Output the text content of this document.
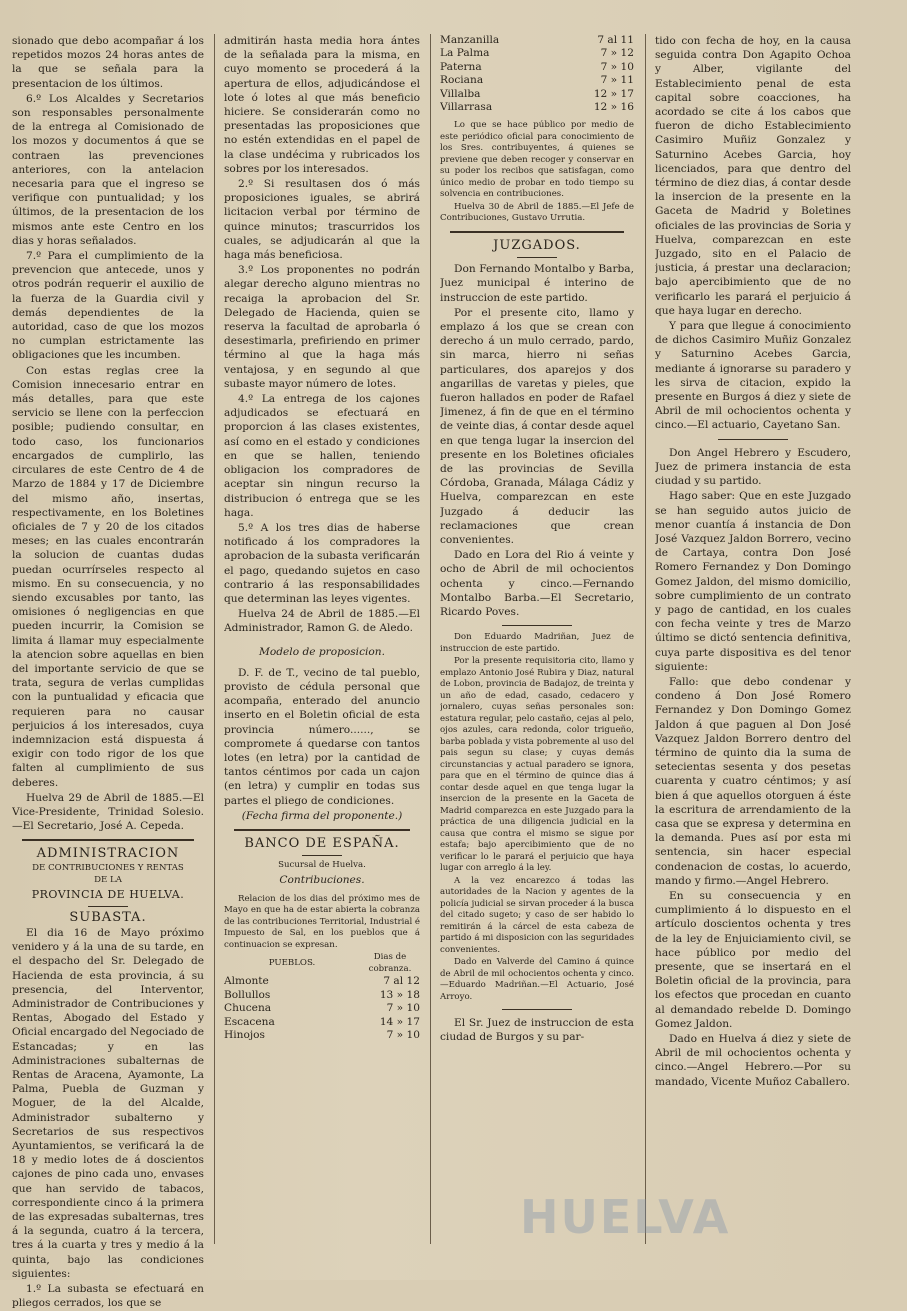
sionado que debo acompañar á los repetidos mozos 24 horas antes de la que se señala para la presentacion de los últimos.

6.º Los Alcaldes y Secretarios son responsables personalmente de la entrega al Comisionado de los mozos y documentos á que se contraen las prevenciones anteriores, con la antelacion necesaria para que el ingreso se verifique con puntualidad; y los últimos, de la presentacion de los mismos ante este Centro en los dias y horas señalados.

7.º Para el cumplimiento de la prevencion que antecede, unos y otros podrán requerir el auxilio de la fuerza de la Guardia civil y demás dependientes de la autoridad, caso de que los mozos no cumplan estrictamente las obligaciones que les incumben.

Con estas reglas cree la Comision innecesario entrar en más detalles, para que este servicio se llene con la perfeccion posible; pudiendo consultar, en todo caso, los funcionarios encargados de cumplirlo, las circulares de este Centro de 4 de Marzo de 1884 y 17 de Diciembre del mismo año, insertas, respectivamente, en los Boletines oficiales de 7 y 20 de los citados meses; en las cuales encontrarán la solucion de cuantas dudas puedan ocurrírseles respecto al mismo. En su consecuencia, y no siendo excusables por tanto, las omisiones ó negligencias en que pueden incurrir, la Comision se limita á llamar muy especialmente la atencion sobre aquellas en bien del importante servicio de que se trata, segura de verlas cumplidas con la puntualidad y eficacia que requieren para no causar perjuicios á los interesados, cuya indemnizacion está dispuesta á exigir con todo rigor de los que falten al cumplimiento de sus deberes.

Huelva 29 de Abril de 1885.—El Vice-Presidente, Trinidad Solesio.—El Secretario, José A. Cepeda.

ADMINISTRACION

DE CONTRIBUCIONES Y RENTAS

DE LA

PROVINCIA DE HUELVA.

SUBASTA.

El dia 16 de Mayo próximo venidero y á la una de su tarde, en el despacho del Sr. Delegado de Hacienda de esta provincia, á su presencia, del Interventor, Administrador de Contribuciones y Rentas, Abogado del Estado y Oficial encargado del Negociado de Estancadas; y en las Administraciones subalternas de Rentas de Aracena, Ayamonte, La Palma, Puebla de Guzman y Moguer, de la del Alcalde, Administrador subalterno y Secretarios de sus respectivos Ayuntamientos, se verificará la de 18 y medio lotes de á doscientos cajones de pino cada uno, envases que han servido de tabacos, correspondiente cinco á la primera de las expresadas subalternas, tres á la segunda, cuatro á la tercera, tres á la cuarta y tres y medio á la quinta, bajo las condiciones siguientes:

1.º La subasta se efectuará en pliegos cerrados, los que se

admitirán hasta media hora ántes de la señalada para la misma, en cuyo momento se procederá á la apertura de ellos, adjudicándose el lote ó lotes al que más beneficio hiciere. Se considerarán como no presentadas las proposiciones que no estén extendidas en el papel de la clase undécima y rubricados los sobres por los interesados.

2.º Si resultasen dos ó más proposiciones iguales, se abrirá licitacion verbal por término de quince minutos; trascurridos los cuales, se adjudicarán al que la haga más beneficiosa.

3.º Los proponentes no podrán alegar derecho alguno mientras no recaiga la aprobacion del Sr. Delegado de Hacienda, quien se reserva la facultad de aprobarla ó desestimarla, prefiriendo en primer término al que la haga más ventajosa, y en segundo al que subaste mayor número de lotes.

4.º La entrega de los cajones adjudicados se efectuará en proporcion á las clases existentes, así como en el estado y condiciones en que se hallen, teniendo obligacion los compradores de aceptar sin ningun recurso la distribucion ó entrega que se les haga.

5.º A los tres dias de haberse notificado á los compradores la aprobacion de la subasta verificarán el pago, quedando sujetos en caso contrario á las responsabilidades que determinan las leyes vigentes.

Huelva 24 de Abril de 1885.—El Administrador, Ramon G. de Aledo.

Modelo de proposicion.

D. F. de T., vecino de tal pueblo, provisto de cédula personal que acompaña, enterado del anuncio inserto en el Boletin oficial de esta provincia número......, se compromete á quedarse con tantos lotes (en letra) por la cantidad de tantos céntimos por cada un cajon (en letra) y cumplir en todas sus partes el pliego de condiciones.

(Fecha firma del proponente.)

BANCO DE ESPAÑA.

Sucursal de Huelva.

Contribuciones.

Relacion de los dias del próximo mes de Mayo en que ha de estar abierta la cobranza de las contribuciones Territorial, Industrial é Impuesto de Sal, en los pueblos que á continuacion se expresan.

PUEBLOS.	Dias de cobranza.
Almonte	7 al 12
Bollullos	13 » 18
Chucena	7 » 10
Escacena	14 » 17
Hinojos	7 » 10
Manzanilla	7 al 11
La Palma	7 » 12
Paterna	7 » 10
Rociana	7 » 11
Villalba	12 » 17
Villarrasa	12 » 16

Lo que se hace público por medio de este periódico oficial para conocimiento de los Sres. contribuyentes, á quienes se previene que deben recoger y conservar en su poder los recibos que satisfagan, como único medio de probar en todo tiempo su solvencia en contribuciones.

Huelva 30 de Abril de 1885.—El Jefe de Contribuciones, Gustavo Urrutia.

JUZGADOS.

Don Fernando Montalbo y Barba, Juez municipal é interino de instruccion de este partido.

Por el presente cito, llamo y emplazo á los que se crean con derecho á un mulo cerrado, pardo, sin marca, hierro ni señas particulares, dos aparejos y dos angarillas de varetas y pieles, que fueron hallados en poder de Rafael Jimenez, á fin de que en el término de veinte dias, á contar desde aquel en que tenga lugar la insercion del presente en los Boletines oficiales de las provincias de Sevilla Córdoba, Granada, Málaga Cádiz y Huelva, comparezcan en este Juzgado á deducir las reclamaciones que crean convenientes.

Dado en Lora del Rio á veinte y ocho de Abril de mil ochocientos ochenta y cinco.—Fernando Montalbo Barba.—El Secretario, Ricardo Poves.

Don Eduardo Madriñan, Juez de instruccion de este partido.

Por la presente requisitoria cito, llamo y emplazo Antonio José Rubira y Diaz, natural de Lobon, provincia de Badajoz, de treinta y un año de edad, casado, cedacero y jornalero, cuyas señas personales son: estatura regular, pelo castaño, cejas al pelo, ojos azules, cara redonda, color trigueño, barba poblada y vista pobremente al uso del pais segun su clase; y cuyas demás circunstancias y actual paradero se ignora, para que en el término de quince dias á contar desde aquel en que tenga lugar la insercion de la presente en la Gaceta de Madrid comparezca en este Juzgado para la práctica de una diligencia judicial en la causa que contra el mismo se sigue por estafa; bajo apercibimiento que de no verificar lo le parará el perjuicio que haya lugar con arreglo á la ley.

A la vez encarezco á todas las autoridades de la Nacion y agentes de la policía judicial se sirvan proceder á la busca del citado sugeto; y caso de ser habido lo remitirán á la cárcel de esta cabeza de partido á mi disposicion con las seguridades convenientes.

Dado en Valverde del Camino á quince de Abril de mil ochocientos ochenta y cinco.—Eduardo Madriñan.—El Actuario, José Arroyo.

El Sr. Juez de instruccion de esta ciudad de Burgos y su par-

tido con fecha de hoy, en la causa seguida contra Don Agapito Ochoa y Alber, vigilante del Establecimiento penal de esta capital sobre coacciones, ha acordado se cite á los cabos que fueron de dicho Establecimiento Casimiro Muñiz Gonzalez y Saturnino Acebes Garcia, hoy licenciados, para que dentro del término de diez dias, á contar desde la insercion de la presente en la Gaceta de Madrid y Boletines oficiales de las provincias de Soria y Huelva, comparezcan en este Juzgado, sito en el Palacio de justicia, á prestar una declaracion; bajo apercibimiento que de no verificarlo les parará el perjuicio á que haya lugar en derecho.

Y para que llegue á conocimiento de dichos Casimiro Muñiz Gonzalez y Saturnino Acebes Garcia, mediante á ignorarse su paradero y les sirva de citacion, expido la presente en Burgos á diez y siete de Abril de mil ochocientos ochenta y cinco.—El actuario, Cayetano San.

Don Angel Hebrero y Escudero, Juez de primera instancia de esta ciudad y su partido.

Hago saber: Que en este Juzgado se han seguido autos juicio de menor cuantía á instancia de Don José Vazquez Jaldon Borrero, vecino de Cartaya, contra Don José Romero Fernandez y Don Domingo Gomez Jaldon, del mismo domicilio, sobre cumplimiento de un contrato y pago de cantidad, en los cuales con fecha veinte y tres de Marzo último se dictó sentencia definitiva, cuya parte dispositiva es del tenor siguiente:

Fallo: que debo condenar y condeno á Don José Romero Fernandez y Don Domingo Gomez Jaldon á que paguen al Don José Vazquez Jaldon Borrero dentro del término de quinto dia la suma de setecientas sesenta y dos pesetas cuarenta y cuatro céntimos; y así bien á que aquellos otorguen á éste la escritura de arrendamiento de la casa que se expresa y determina en la demanda. Pues así por esta mi sentencia, sin hacer especial condenacion de costas, lo acuerdo, mando y firmo.—Angel Hebrero.

En su consecuencia y en cumplimiento á lo dispuesto en el artículo doscientos ochenta y tres de la ley de Enjuiciamiento civil, se hace público por medio del presente, que se insertará en el Boletin oficial de la provincia, para los efectos que procedan en cuanto al demandado rebelde D. Domingo Gomez Jaldon.

Dado en Huelva á diez y siete de Abril de mil ochocientos ochenta y cinco.—Angel Hebrero.—Por su mandado, Vicente Muñoz Caballero.

HUELVA
